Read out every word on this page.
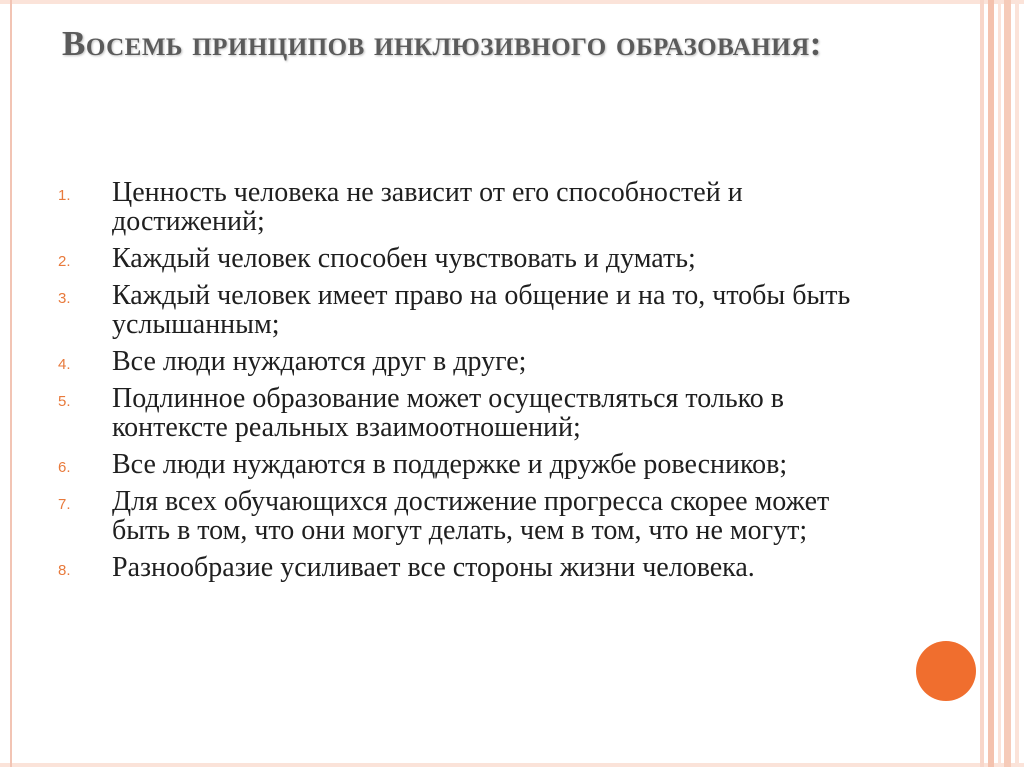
Восемь принципов инклюзивного образования:
1. Ценность человека не зависит от его способностей и достижений;
2. Каждый человек способен чувствовать и думать;
3. Каждый человек имеет право на общение и на то, чтобы быть услышанным;
4. Все люди нуждаются друг в друге;
5. Подлинное образование может осуществляться только в контексте реальных взаимоотношений;
6. Все люди нуждаются в поддержке и дружбе ровесников;
7. Для всех обучающихся достижение прогресса скорее может быть в том, что они могут делать, чем в том, что не могут;
8. Разнообразие усиливает все стороны жизни человека.
